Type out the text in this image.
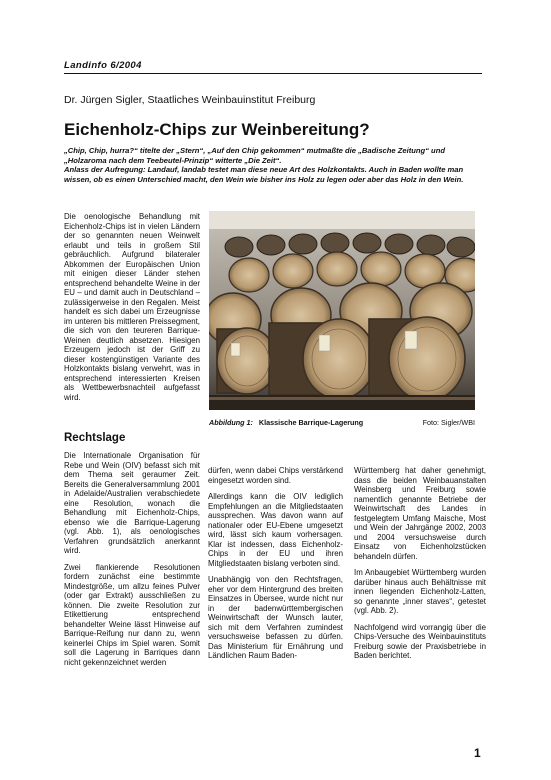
Landinfo 6/2004
Dr. Jürgen Sigler, Staatliches Weinbauinstitut Freiburg
Eichenholz-Chips zur Weinbereitung?

„Chip, Chip, hurra?“ titelte der „Stern“, „Auf den Chip gekommen“ mutmaßte die „Badische Zeitung“ und „Holzaroma nach dem Teebeutel-Prinzip“ witterte „Die Zeit“.

Anlass der Aufregung: Landauf, landab testet man diese neue Art des Holzkontakts. Auch in Baden wollte man wissen, ob es einen Unterschied macht, den Wein wie bisher ins Holz zu legen oder aber das Holz in den Wein.

Die oenologische Behandlung mit Eichenholz-Chips ist in vielen Ländern der so genannten neuen Weinwelt erlaubt und teils in großem Stil gebräuchlich. Aufgrund bilateraler Abkommen der Europäischen Union mit einigen dieser Länder stehen entsprechend behandelte Weine in der EU – und damit auch in Deutschland – zulässigerweise in den Regalen. Meist handelt es sich dabei um Erzeugnisse im unteren bis mittleren Preissegment, die sich von den teureren Barrique-Weinen deutlich absetzen. Hiesigen Erzeugern jedoch ist der Griff zu dieser kostengünstigen Variante des Holzkontakts bislang verwehrt, was in entsprechend interessierten Kreisen als Wettbewerbsnachteil aufgefasst wird.

Abbildung 1: Klassische Barrique-Lagerung	Foto: Sigler/WBI
Rechtslage

Die Internationale Organisation für Rebe und Wein (OIV) befasst sich mit dem Thema seit geraumer Zeit. Bereits die Generalversammlung 2001 in Adelaide/Australien verabschiedete eine Resolution, wonach die Behandlung mit Eichenholz-Chips, ebenso wie die Barrique-Lagerung (vgl. Abb. 1), als oenologisches Verfahren grundsätzlich anerkannt wird.

Zwei flankierende Resolutionen fordern zunächst eine bestimmte Mindestgröße, um allzu feines Pulver (oder gar Extrakt) ausschließen zu können. Die zweite Resolution zur Etikettierung entsprechend behandelter Weine lässt Hinweise auf Barrique-Reifung nur dann zu, wenn keinerlei Chips im Spiel waren. Somit soll die Lagerung in Barriques dann nicht gekennzeichnet werden

dürfen, wenn dabei Chips verstärkend eingesetzt worden sind.

Allerdings kann die OIV lediglich Empfehlungen an die Mitgliedstaaten aussprechen. Was davon wann auf nationaler oder EU-Ebene umgesetzt wird, lässt sich kaum vorhersagen. Klar ist indessen, dass Eichenholz-Chips in der EU und ihren Mitgliedstaaten bislang verboten sind.

Unabhängig von den Rechtsfragen, eher vor dem Hintergrund des breiten Einsatzes in Übersee, wurde nicht nur in der badenwürttembergischen Weinwirtschaft der Wunsch lauter, sich mit dem Verfahren zumindest versuchsweise befassen zu dürfen. Das Ministerium für Ernährung und Ländlichen Raum Baden-

Württemberg hat daher genehmigt, dass die beiden Weinbauanstalten Weinsberg und Freiburg sowie namentlich genannte Betriebe der Weinwirtschaft des Landes in festgelegtem Umfang Maische, Most und Wein der Jahrgänge 2002, 2003 und 2004 versuchsweise durch Einsatz von Eichenholzstücken behandeln dürfen.

Im Anbaugebiet Württemberg wurden darüber hinaus auch Behältnisse mit innen liegenden Eichenholz-Latten, so genannte „inner staves“, getestet (vgl. Abb. 2).

Nachfolgend wird vorrangig über die Chips-Versuche des Weinbauinstituts Freiburg sowie der Praxisbetriebe in Baden berichtet.

1
